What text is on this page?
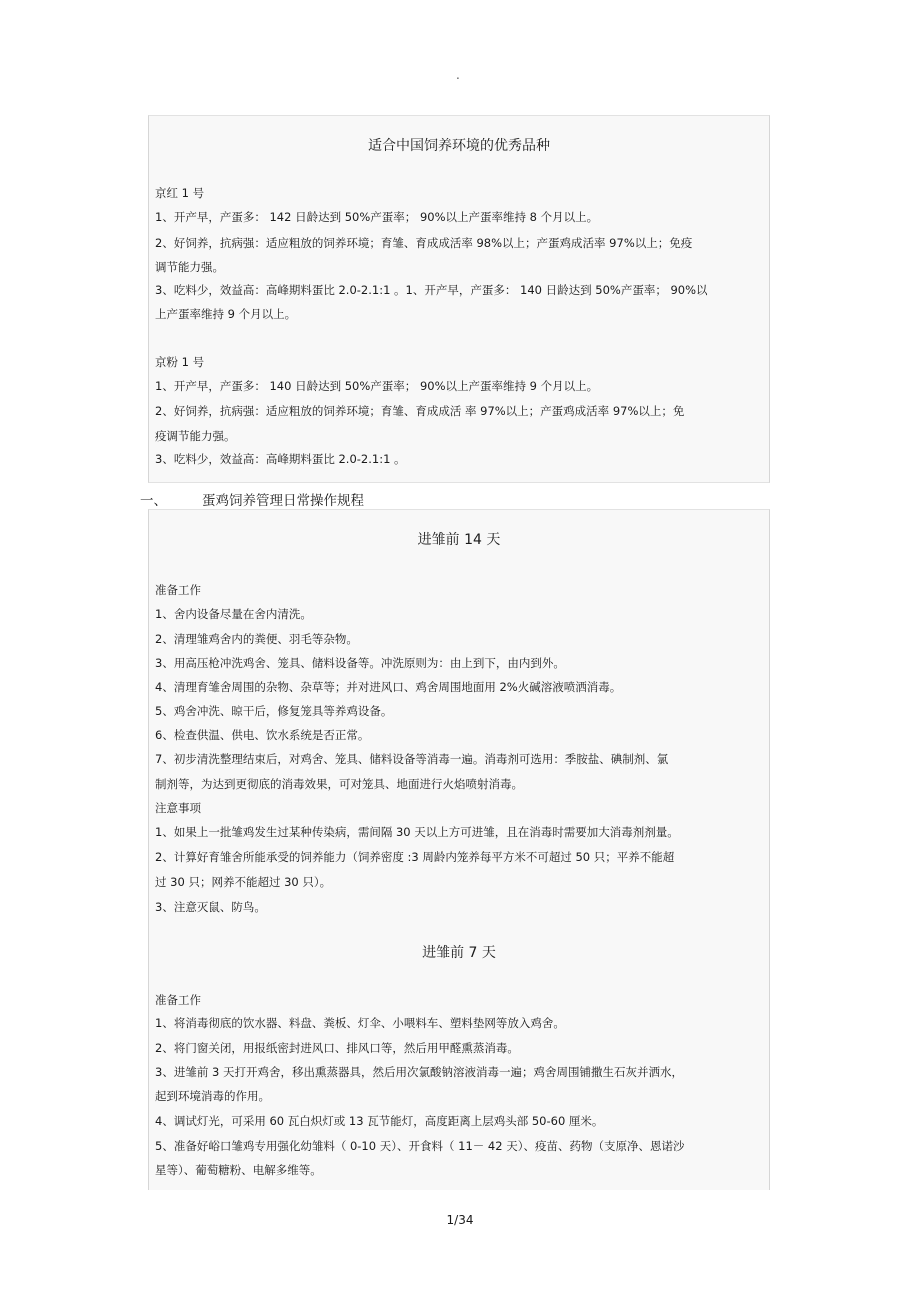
.
适合中国饲养环境的优秀品种
京红 1 号
1、开产早，产蛋多： 142 日龄达到 50%产蛋率； 90%以上产蛋率维持 8 个月以上。
2、好饲养，抗病强：适应粗放的饲养环境；育雏、育成成活率 98%以上；产蛋鸡成活率 97%以上；免疫
调节能力强。
3、吃料少，效益高：高峰期料蛋比 2.0-2.1:1 。1、开产早，产蛋多： 140 日龄达到 50%产蛋率； 90%以
上产蛋率维持 9 个月以上。
京粉 1 号
1、开产早，产蛋多： 140 日龄达到 50%产蛋率； 90%以上产蛋率维持 9 个月以上。
2、好饲养，抗病强：适应粗放的饲养环境；育雏、育成成活 率 97%以上；产蛋鸡成活率 97%以上；免
疫调节能力强。
3、吃料少，效益高：高峰期料蛋比 2.0-2.1:1 。
一、	蛋鸡饲养管理日常操作规程
进雏前 14 天
准备工作
1、舍内设备尽量在舍内清洗。
2、清理雏鸡舍内的粪便、羽毛等杂物。
3、用高压枪冲洗鸡舍、笼具、储料设备等。冲洗原则为：由上到下，由内到外。
4、清理育雏舍周围的杂物、杂草等；并对进风口、鸡舍周围地面用 2%火碱溶液喷洒消毒。
5、鸡舍冲洗、晾干后，修复笼具等养鸡设备。
6、检查供温、供电、饮水系统是否正常。
7、初步清洗整理结束后，对鸡舍、笼具、储料设备等消毒一遍。消毒剂可选用：季胺盐、碘制剂、氯
制剂等，为达到更彻底的消毒效果，可对笼具、地面进行火焰喷射消毒。
注意事项
1、如果上一批雏鸡发生过某种传染病，需间隔 30 天以上方可进雏，且在消毒时需要加大消毒剂剂量。
2、计算好育雏舍所能承受的饲养能力（饲养密度 :3 周龄内笼养每平方米不可超过 50 只；平养不能超
过 30 只；网养不能超过 30 只）。
3、注意灭鼠、防鸟。
进雏前 7 天
准备工作
1、将消毒彻底的饮水器、料盘、粪板、灯伞、小喂料车、塑料垫网等放入鸡舍。
2、将门窗关闭，用报纸密封进风口、排风口等，然后用甲醛熏蒸消毒。
3、进雏前 3 天打开鸡舍，移出熏蒸器具，然后用次氯酸钠溶液消毒一遍；鸡舍周围铺撒生石灰并洒水，
起到环境消毒的作用。
4、调试灯光，可采用 60 瓦白炽灯或 13 瓦节能灯，高度距离上层鸡头部 50-60 厘米。
5、准备好峪口雏鸡专用强化幼雏料（ 0-10 天）、开食料（ 11－ 42 天）、疫苗、药物（支原净、恩诺沙
星等）、葡萄糖粉、电解多维等。
1/34
